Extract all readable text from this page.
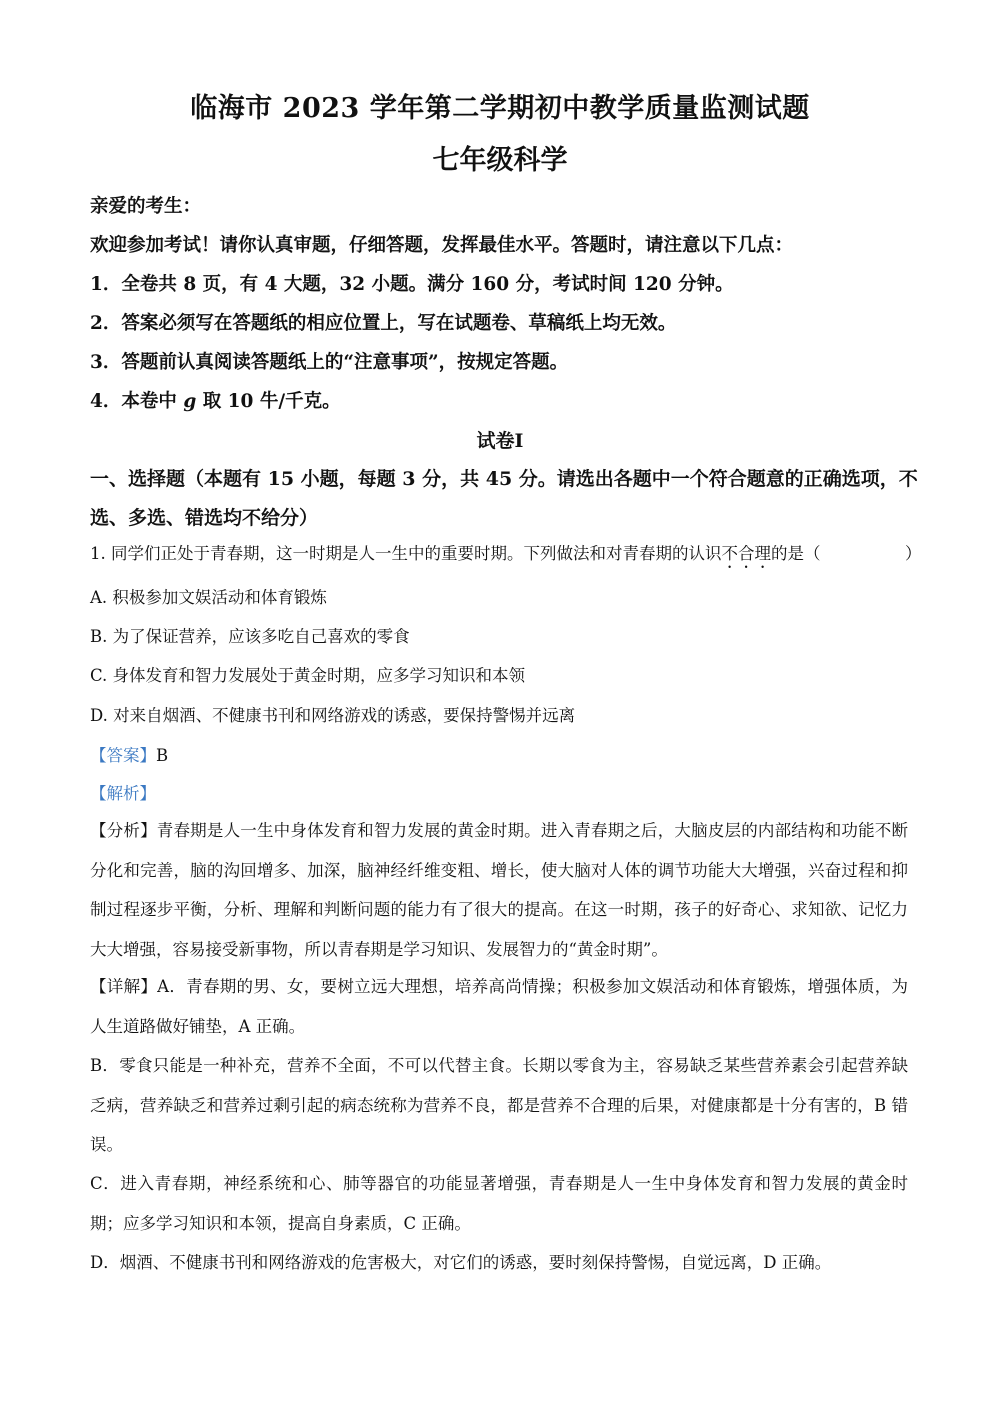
临海市 2023 学年第二学期初中教学质量监测试题
七年级科学
亲爱的考生：
欢迎参加考试！请你认真审题，仔细答题，发挥最佳水平。答题时，请注意以下几点：
1．全卷共 8 页，有 4 大题，32 小题。满分 160 分，考试时间 120 分钟。
2．答案必须写在答题纸的相应位置上，写在试题卷、草稿纸上均无效。
3．答题前认真阅读答题纸上的“注意事项”，按规定答题。
4．本卷中 g 取 10 牛/千克。
试卷Ⅰ
一、选择题（本题有 15 小题，每题 3 分，共 45 分。请选出各题中一个符合题意的正确选项，不选、多选、错选均不给分）
1. 同学们正处于青春期，这一时期是人一生中的重要时期。下列做法和对青春期的认识不合理的是（	）
A. 积极参加文娱活动和体育锻炼
B. 为了保证营养，应该多吃自己喜欢的零食
C. 身体发育和智力发展处于黄金时期，应多学习知识和本领
D. 对来自烟酒、不健康书刊和网络游戏的诱惑，要保持警惕并远离
【答案】B
【解析】
【分析】青春期是人一生中身体发育和智力发展的黄金时期。进入青春期之后，大脑皮层的内部结构和功能不断分化和完善，脑的沟回增多、加深，脑神经纤维变粗、增长，使大脑对人体的调节功能大大增强，兴奋过程和抑制过程逐步平衡，分析、理解和判断问题的能力有了很大的提高。在这一时期，孩子的好奇心、求知欲、记忆力大大增强，容易接受新事物，所以青春期是学习知识、发展智力的“黄金时期”。
【详解】A．青春期的男、女，要树立远大理想，培养高尚情操；积极参加文娱活动和体育锻炼，增强体质，为人生道路做好铺垫，A 正确。
B．零食只能是一种补充，营养不全面，不可以代替主食。长期以零食为主，容易缺乏某些营养素会引起营养缺乏病，营养缺乏和营养过剩引起的病态统称为营养不良，都是营养不合理的后果，对健康都是十分有害的，B 错误。
C．进入青春期，神经系统和心、肺等器官的功能显著增强，青春期是人一生中身体发育和智力发展的黄金时期；应多学习知识和本领，提高自身素质，C 正确。
D．烟酒、不健康书刊和网络游戏的危害极大，对它们的诱惑，要时刻保持警惕，自觉远离，D 正确。
